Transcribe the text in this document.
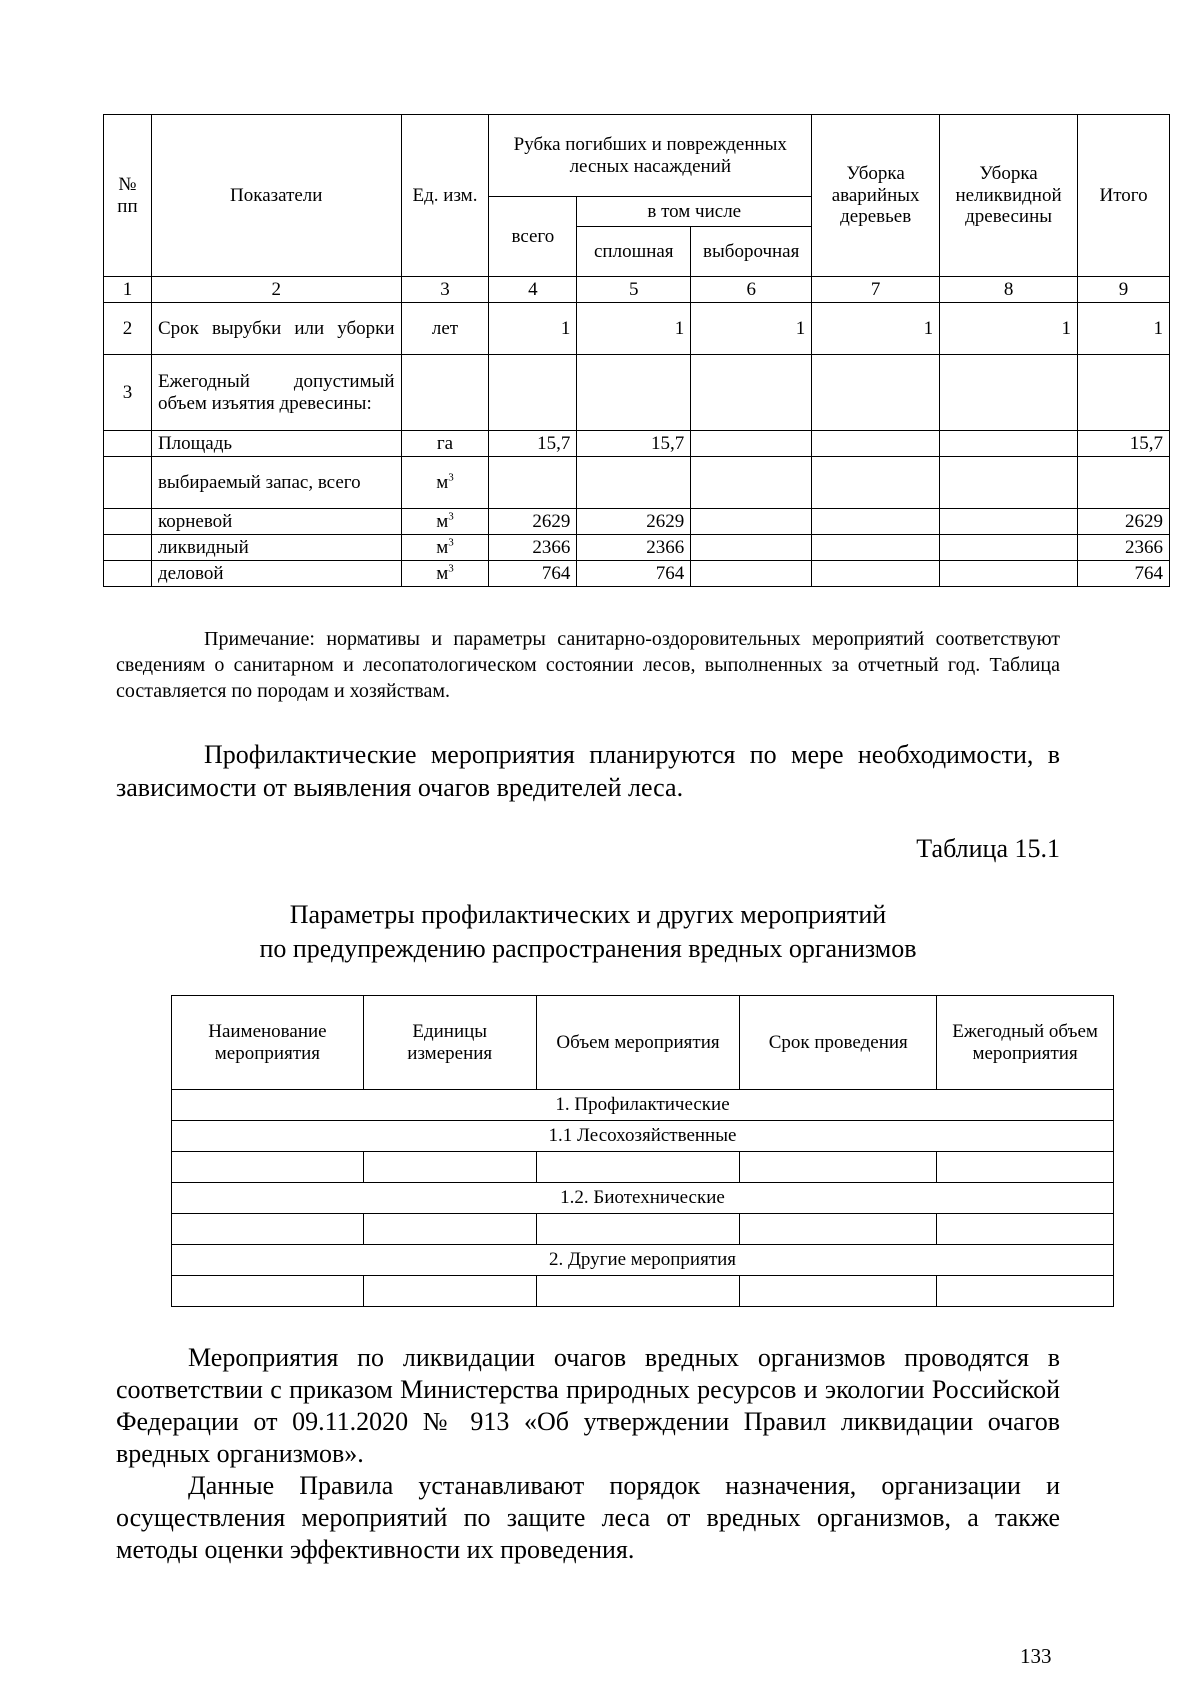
№ пп	Показатели	Ед. изм.	Рубка погибших и поврежденных лесных насаждений			Уборка аварийных деревьев	Уборка неликвидной древесины	Итого
			всего	в том числе				
				сплошная	выборочная			
1	2	3	4	5	6	7	8	9
2	Срок вырубки или уборки	лет	1	1	1	1	1	1
3	Ежегодный допустимый объем изъятия древесины:							
	Площадь	га	15,7	15,7				15,7
	выбираемый запас, всего	$м^3$						
	корневой	$м^3$	2629	2629				2629
	ликвидный	$м^3$	2366	2366				2366
	деловой	$м^3$	764	764				764

Примечание: нормативы и параметры санитарно-оздоровительных мероприятий соответствуют сведениям о санитарном и лесопатологическом состоянии лесов, выполненных за отчетный год. Таблица составляется по породам и хозяйствам.

Профилактические мероприятия планируются по мере необходимости, в зависимости от выявления очагов вредителей леса.

Таблица 15.1

Параметры профилактических и других мероприятий
по предупреждению распространения вредных организмов
Наименование мероприятия	Единицы измерения	Объем мероприятия	Срок проведения	Ежегодный объем мероприятия
1. Профилактические				
1.1 Лесохозяйственные				

1.2. Биотехнические				

2. Другие мероприятия				

Мероприятия по ликвидации очагов вредных организмов проводятся в соответствии с приказом Министерства природных ресурсов и экологии Российской Федерации от 09.11.2020 № 913 «Об утверждении Правил ликвидации очагов вредных организмов».

Данные Правила устанавливают порядок назначения, организации и осуществления мероприятий по защите леса от вредных организмов, а также методы оценки эффективности их проведения.

133
